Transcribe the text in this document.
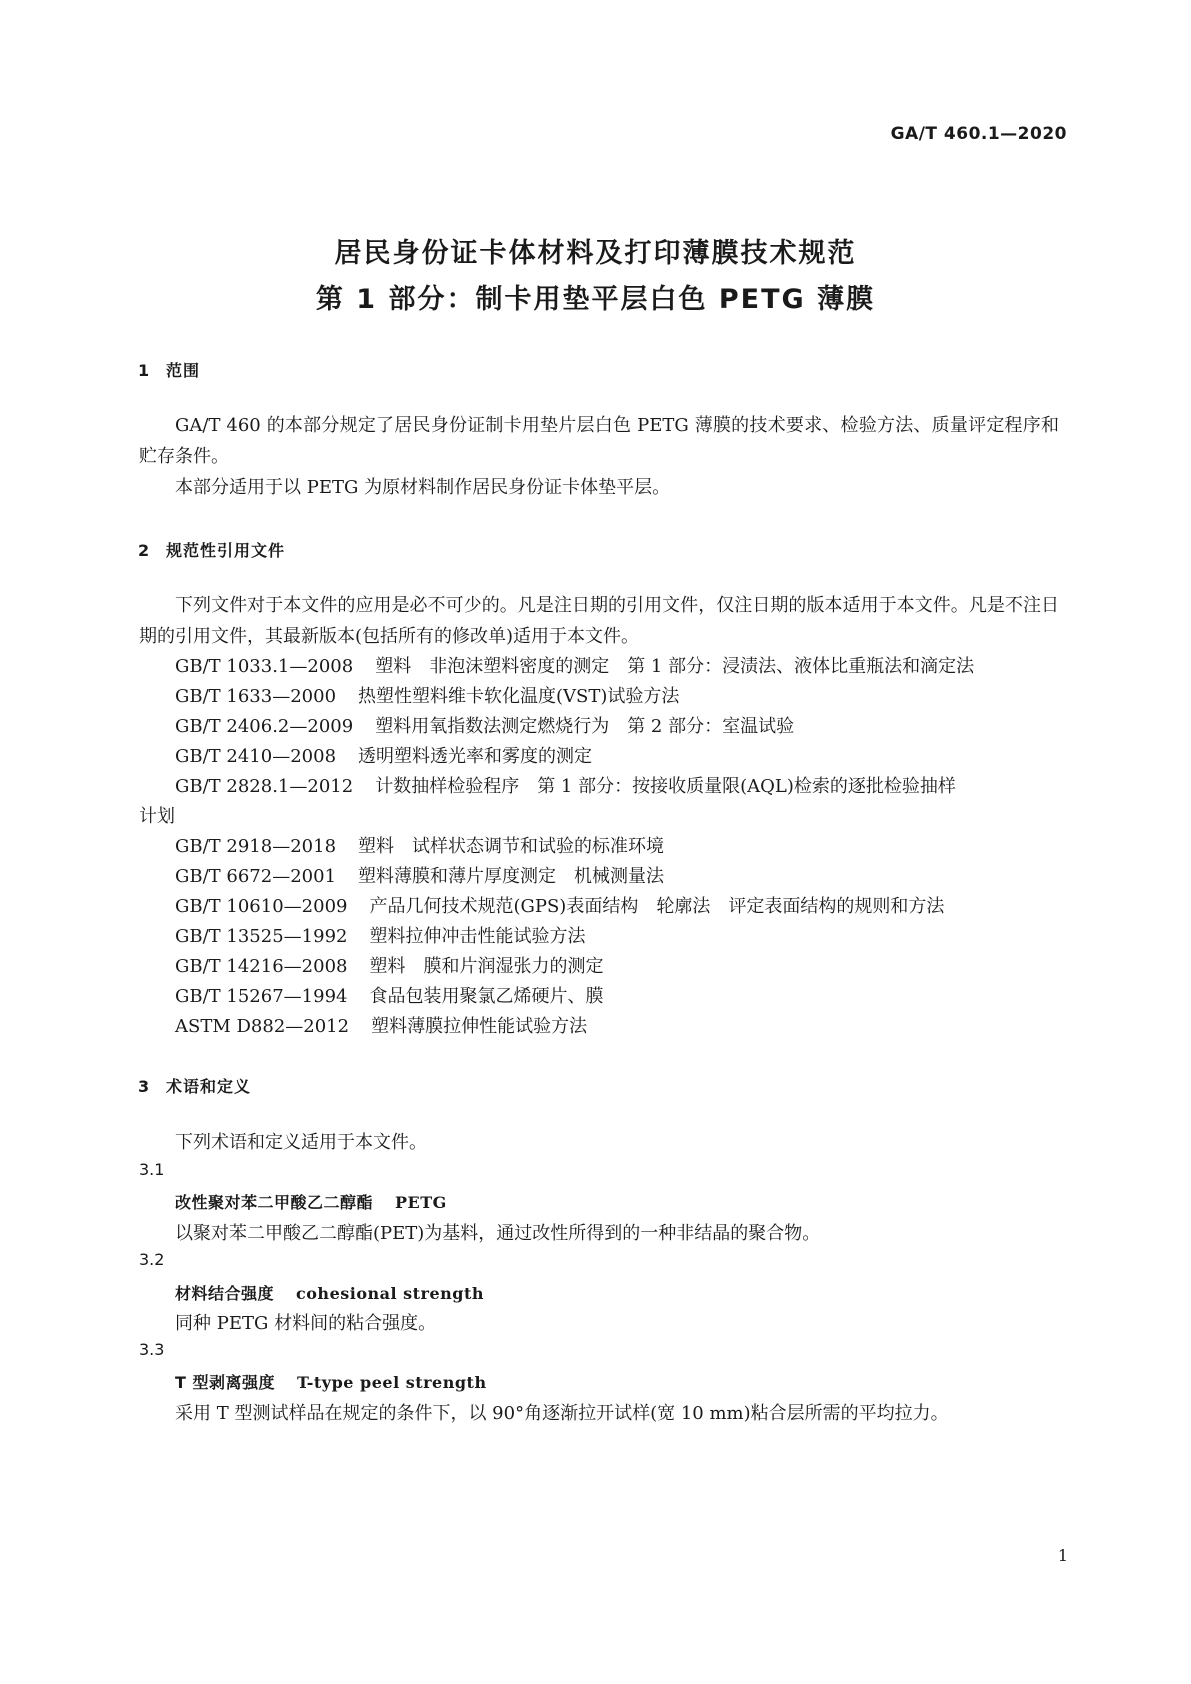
GA/T 460.1—2020
居民身份证卡体材料及打印薄膜技术规范
第 1 部分：制卡用垫平层白色 PETG 薄膜
1 范围
GA/T 460 的本部分规定了居民身份证制卡用垫片层白色 PETG 薄膜的技术要求、检验方法、质量评定程序和贮存条件。
本部分适用于以 PETG 为原材料制作居民身份证卡体垫平层。
2 规范性引用文件
下列文件对于本文件的应用是必不可少的。凡是注日期的引用文件，仅注日期的版本适用于本文件。凡是不注日期的引用文件，其最新版本(包括所有的修改单)适用于本文件。
GB/T 1033.1—2008 塑料　非泡沫塑料密度的测定　第 1 部分：浸渍法、液体比重瓶法和滴定法
GB/T 1633—2000 热塑性塑料维卡软化温度(VST)试验方法
GB/T 2406.2—2009 塑料用氧指数法测定燃烧行为　第 2 部分：室温试验
GB/T 2410—2008 透明塑料透光率和雾度的测定
GB/T 2828.1—2012 计数抽样检验程序　第 1 部分：按接收质量限(AQL)检索的逐批检验抽样
计划
GB/T 2918—2018 塑料　试样状态调节和试验的标准环境
GB/T 6672—2001 塑料薄膜和薄片厚度测定　机械测量法
GB/T 10610—2009 产品几何技术规范(GPS)表面结构　轮廓法　评定表面结构的规则和方法
GB/T 13525—1992 塑料拉伸冲击性能试验方法
GB/T 14216—2008 塑料　膜和片润湿张力的测定
GB/T 15267—1994 食品包装用聚氯乙烯硬片、膜
ASTM D882—2012 塑料薄膜拉伸性能试验方法
3 术语和定义
下列术语和定义适用于本文件。
3.1
改性聚对苯二甲酸乙二醇酯 PETG
以聚对苯二甲酸乙二醇酯(PET)为基料，通过改性所得到的一种非结晶的聚合物。
3.2
材料结合强度 cohesional strength
同种 PETG 材料间的粘合强度。
3.3
T 型剥离强度 T-type peel strength
采用 T 型测试样品在规定的条件下，以 90°角逐渐拉开试样(宽 10 mm)粘合层所需的平均拉力。
1
